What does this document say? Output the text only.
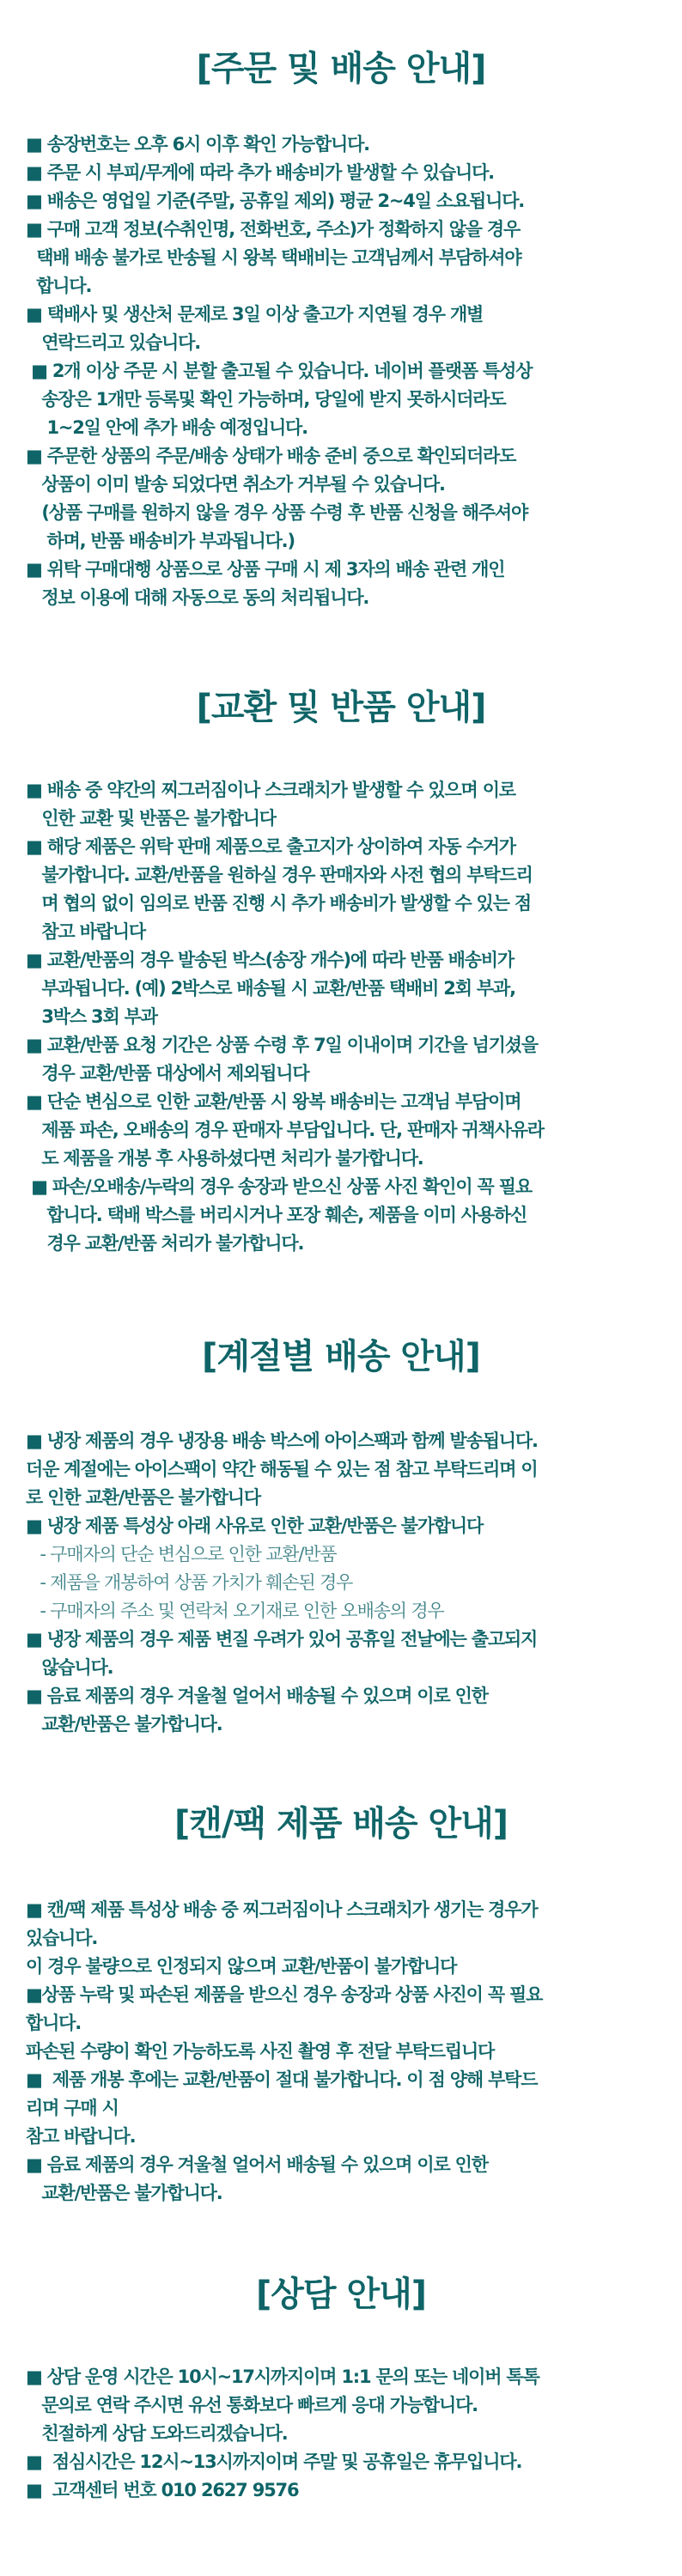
[주문 및 배송 안내]

■ 송장번호는 오후 6시 이후 확인 가능합니다.

■ 주문 시 부피/무게에 따라 추가 배송비가 발생할 수 있습니다.

■ 배송은 영업일 기준(주말, 공휴일 제외) 평균 2~4일 소요됩니다.

■ 구매 고객 정보(수취인명, 전화번호, 주소)가 정확하지 않을 경우

택배 배송 불가로 반송될 시 왕복 택배비는 고객님께서 부담하셔야

합니다.

■ 택배사 및 생산처 문제로 3일 이상 출고가 지연될 경우 개별

연락드리고 있습니다.

■ 2개 이상 주문 시 분할 출고될 수 있습니다. 네이버 플랫폼 특성상

송장은 1개만 등록및 확인 가능하며, 당일에 받지 못하시더라도

1~2일 안에 추가 배송 예정입니다.

■ 주문한 상품의 주문/배송 상태가 배송 준비 중으로 확인되더라도

상품이 이미 발송 되었다면 취소가 거부될 수 있습니다.

(상품 구매를 원하지 않을 경우 상품 수령 후 반품 신청을 해주셔야

하며, 반품 배송비가 부과됩니다.)

■ 위탁 구매대행 상품으로 상품 구매 시 제 3자의 배송 관련 개인

정보 이용에 대해 자동으로 동의 처리됩니다.

[교환 및 반품 안내]

■ 배송 중 약간의 찌그러짐이나 스크래치가 발생할 수 있으며 이로

인한 교환 및 반품은 불가합니다

■ 해당 제품은 위탁 판매 제품으로 출고지가 상이하여 자동 수거가

불가합니다. 교환/반품을 원하실 경우 판매자와 사전 협의 부탁드리

며 협의 없이 임의로 반품 진행 시 추가 배송비가 발생할 수 있는 점

참고 바랍니다

■ 교환/반품의 경우 발송된 박스(송장 개수)에 따라 반품 배송비가

부과됩니다. (예) 2박스로 배송될 시 교환/반품 택배비 2회 부과,

3박스 3회 부과

■ 교환/반품 요청 기간은 상품 수령 후 7일 이내이며 기간을 넘기셨을

경우 교환/반품 대상에서 제외됩니다

■ 단순 변심으로 인한 교환/반품 시 왕복 배송비는 고객님 부담이며

제품 파손, 오배송의 경우 판매자 부담입니다. 단, 판매자 귀책사유라

도 제품을 개봉 후 사용하셨다면 처리가 불가합니다.

■ 파손/오배송/누락의 경우 송장과 받으신 상품 사진 확인이 꼭 필요

합니다. 택배 박스를 버리시거나 포장 훼손, 제품을 이미 사용하신

경우 교환/반품 처리가 불가합니다.

[계절별 배송 안내]

■ 냉장 제품의 경우 냉장용 배송 박스에 아이스팩과 함께 발송됩니다.

더운 계절에는 아이스팩이 약간 해동될 수 있는 점 참고 부탁드리며 이

로 인한 교환/반품은 불가합니다

■ 냉장 제품 특성상 아래 사유로 인한 교환/반품은 불가합니다

- 구매자의 단순 변심으로 인한 교환/반품

- 제품을 개봉하여 상품 가치가 훼손된 경우

- 구매자의 주소 및 연락처 오기재로 인한 오배송의 경우

■ 냉장 제품의 경우 제품 변질 우려가 있어 공휴일 전날에는 출고되지

않습니다.

■ 음료 제품의 경우 겨울철 얼어서 배송될 수 있으며 이로 인한

교환/반품은 불가합니다.

[캔/팩 제품 배송 안내]

■ 캔/팩 제품 특성상 배송 중 찌그러짐이나 스크래치가 생기는 경우가

있습니다.

이 경우 불량으로 인정되지 않으며 교환/반품이 불가합니다

■상품 누락 및 파손된 제품을 받으신 경우 송장과 상품 사진이 꼭 필요

합니다.

파손된 수량이 확인 가능하도록 사진 촬영 후 전달 부탁드립니다

■  제품 개봉 후에는 교환/반품이 절대 불가합니다. 이 점 양해 부탁드

리며 구매 시

참고 바랍니다.

■ 음료 제품의 경우 겨울철 얼어서 배송될 수 있으며 이로 인한

교환/반품은 불가합니다.

[상담 안내]

■ 상담 운영 시간은 10시~17시까지이며 1:1 문의 또는 네이버 톡톡

문의로 연락 주시면 유선 통화보다 빠르게 응대 가능합니다.

친절하게 상담 도와드리겠습니다.

■  점심시간은 12시~13시까지이며 주말 및 공휴일은 휴무입니다.

■  고객센터 번호 010 2627 9576
